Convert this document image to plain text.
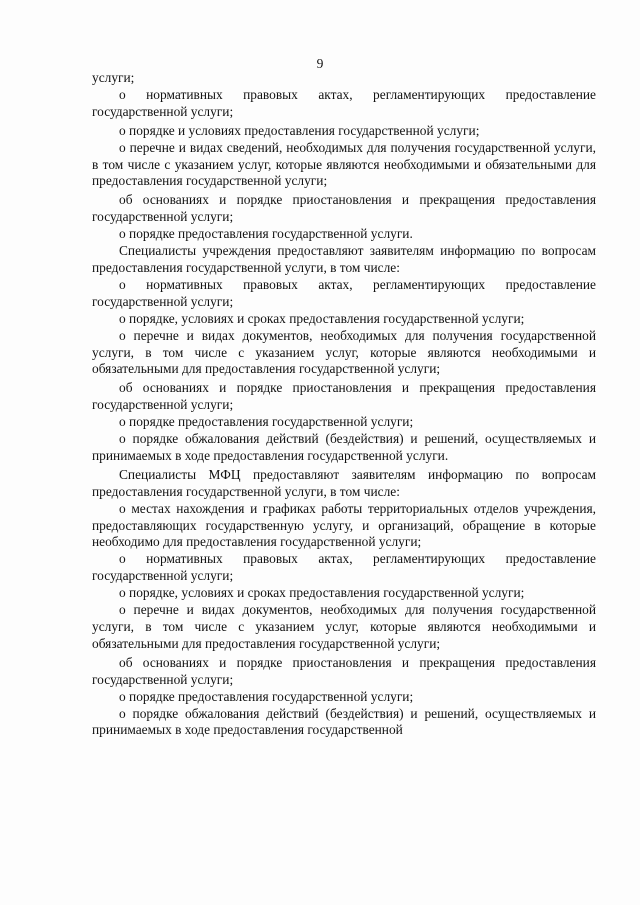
9

услуги;

о нормативных правовых актах, регламентирующих предоставление государственной услуги;

о порядке и условиях предоставления государственной услуги;

о перечне и видах сведений, необходимых для получения государственной услуги, в том числе с указанием услуг, которые являются необходимыми и обязательными для предоставления государственной услуги;

об основаниях и порядке приостановления и прекращения предоставления государственной услуги;

о порядке предоставления государственной услуги.

Специалисты учреждения предоставляют заявителям информацию по вопросам предоставления государственной услуги, в том числе:

о нормативных правовых актах, регламентирующих предоставление государственной услуги;

о порядке, условиях и сроках предоставления государственной услуги;

о перечне и видах документов, необходимых для получения государственной услуги, в том числе с указанием услуг, которые являются необходимыми и обязательными для предоставления государственной услуги;

об основаниях и порядке приостановления и прекращения предоставления государственной услуги;

о порядке предоставления государственной услуги;

о порядке обжалования действий (бездействия) и решений, осуществляемых и принимаемых в ходе предоставления государственной услуги.

Специалисты МФЦ предоставляют заявителям информацию по вопросам предоставления государственной услуги, в том числе:

о местах нахождения и графиках работы территориальных отделов учреждения, предоставляющих государственную услугу, и организаций, обращение в которые необходимо для предоставления государственной услуги;

о нормативных правовых актах, регламентирующих предоставление государственной услуги;

о порядке, условиях и сроках предоставления государственной услуги;

о перечне и видах документов, необходимых для получения государственной услуги, в том числе с указанием услуг, которые являются необходимыми и обязательными для предоставления государственной услуги;

об основаниях и порядке приостановления и прекращения предоставления государственной услуги;

о порядке предоставления государственной услуги;

о порядке обжалования действий (бездействия) и решений, осуществляемых и принимаемых в ходе предоставления государственной
